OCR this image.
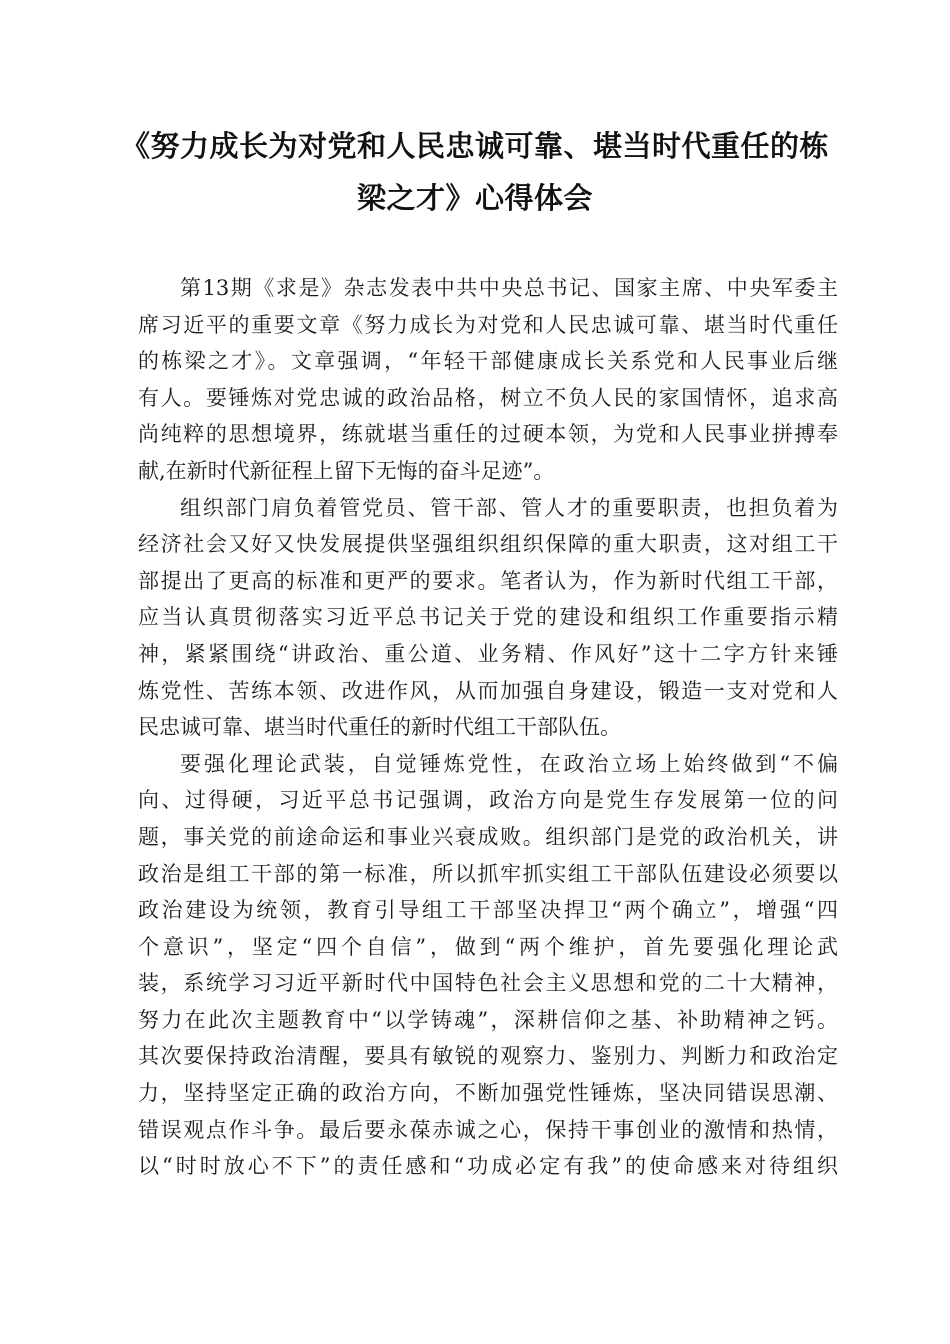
《努力成长为对党和人民忠诚可靠、堪当时代重任的栋
梁之才》心得体会

第13期《求是》杂志发表中共中央总书记、国家主席、中央军委主
席习近平的重要文章《努力成长为对党和人民忠诚可靠、堪当时代重任
的栋梁之才》。文章强调，“年轻干部健康成长关系党和人民事业后继
有人。要锤炼对党忠诚的政治品格，树立不负人民的家国情怀，追求高
尚纯粹的思想境界，练就堪当重任的过硬本领，为党和人民事业拼搏奉
献,在新时代新征程上留下无悔的奋斗足迹”。

组织部门肩负着管党员、管干部、管人才的重要职责，也担负着为
经济社会又好又快发展提供坚强组织组织保障的重大职责，这对组工干
部提出了更高的标准和更严的要求。笔者认为，作为新时代组工干部，
应当认真贯彻落实习近平总书记关于党的建设和组织工作重要指示精
神，紧紧围绕“讲政治、重公道、业务精、作风好”这十二字方针来锤
炼党性、苦练本领、改进作风，从而加强自身建设，锻造一支对党和人
民忠诚可靠、堪当时代重任的新时代组工干部队伍。

要强化理论武装，自觉锤炼党性，在政治立场上始终做到“不偏
向、过得硬，习近平总书记强调，政治方向是党生存发展第一位的问
题，事关党的前途命运和事业兴衰成败。组织部门是党的政治机关，讲
政治是组工干部的第一标准，所以抓牢抓实组工干部队伍建设必须要以
政治建设为统领，教育引导组工干部坚决捍卫“两个确立”，增强“四
个意识”，坚定“四个自信”，做到“两个维护，首先要强化理论武
装，系统学习习近平新时代中国特色社会主义思想和党的二十大精神，
努力在此次主题教育中“以学铸魂”，深耕信仰之基、补助精神之钙。
其次要保持政治清醒，要具有敏锐的观察力、鉴别力、判断力和政治定
力，坚持坚定正确的政治方向，不断加强党性锤炼，坚决同错误思潮、
错误观点作斗争。最后要永葆赤诚之心，保持干事创业的激情和热情，
以“时时放心不下”的责任感和“功成必定有我”的使命感来对待组织
